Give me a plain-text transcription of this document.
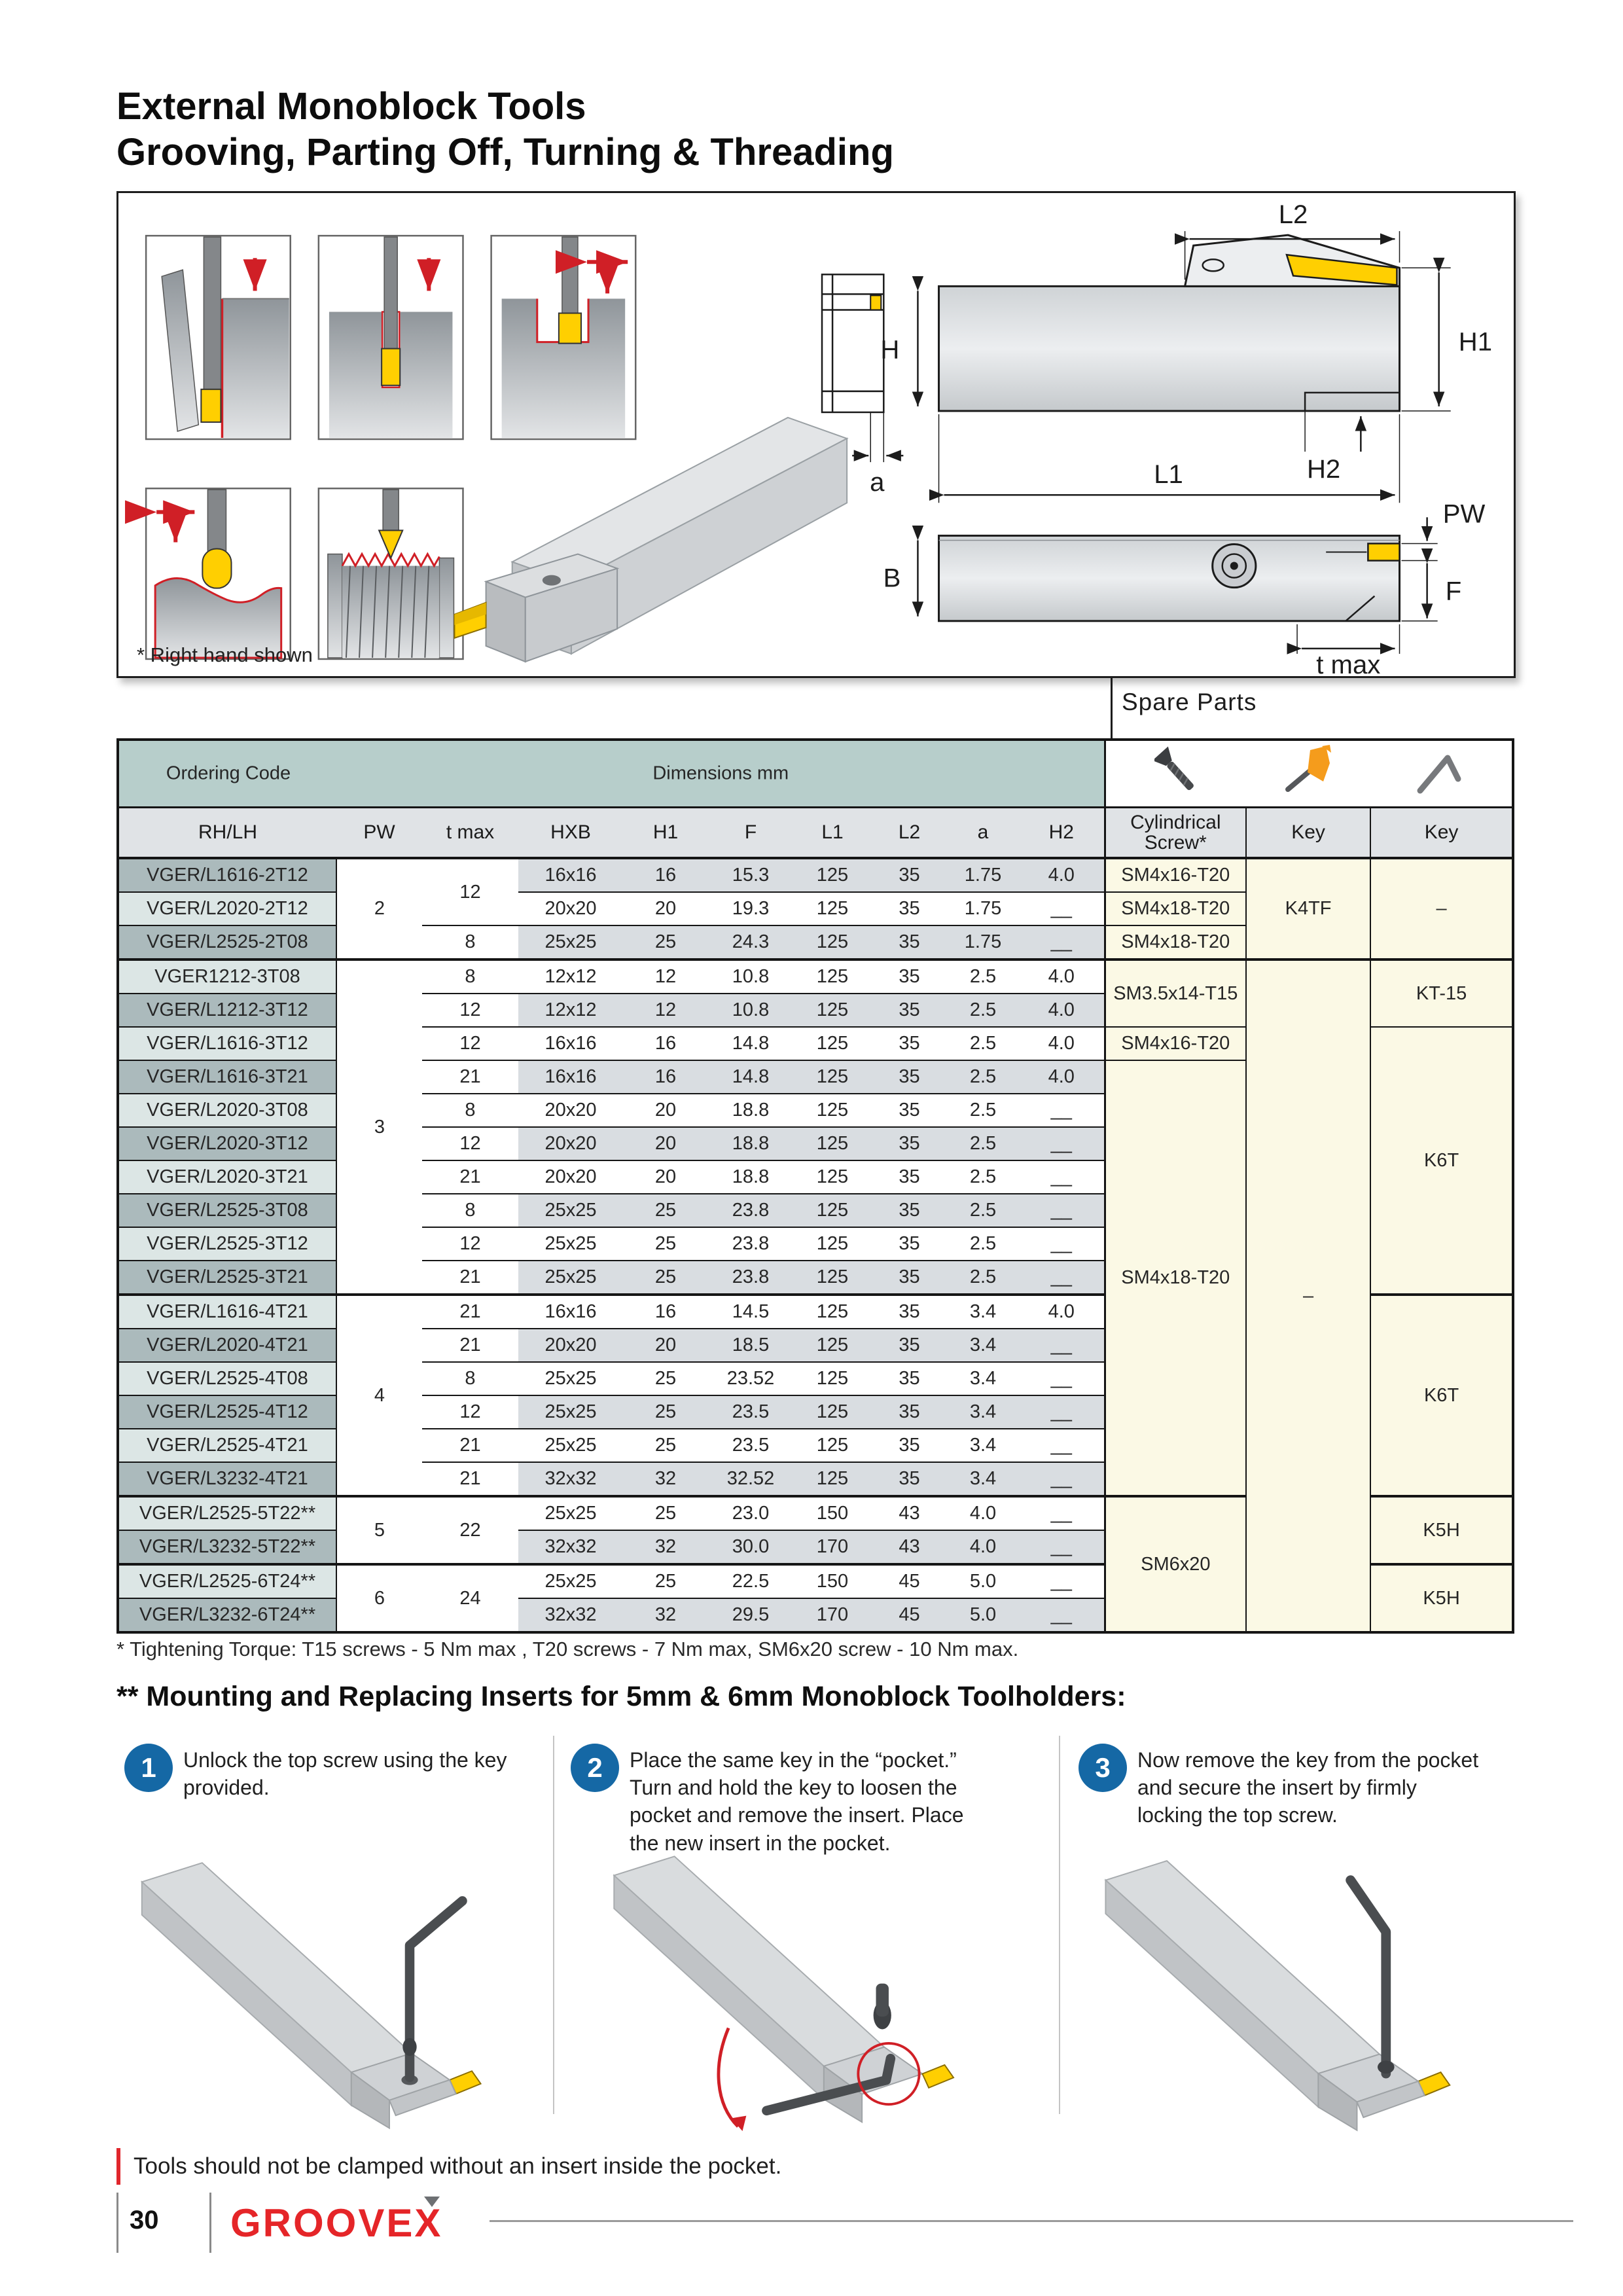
External Monoblock Tools
Grooving, Parting Off, Turning & Threading
a
L2
H	H1
H2
L1
PW
F
B
t max
* Right hand shown
Spare Parts
Ordering Code Dimensions mm

RH/LH	PW	t max	HXB	H1	F	L1	L2	a	H2	Cylindrical Screw*	Key	Key
VGER/L1616-2T12	2	12	16x16	16	15.3	125	35	1.75	4.0	SM4x16-T20	K4TF	–
VGER/L2020-2T12			20x20	20	19.3	125	35	1.75	__	SM4x18-T20		
VGER/L2525-2T08		8	25x25	25	24.3	125	35	1.75	__	SM4x18-T20		
VGER1212-3T08	3	8	12x12	12	10.8	125	35	2.5	4.0	SM3.5x14-T15	–	KT-15
VGER/L1212-3T12		12	12x12	12	10.8	125	35	2.5	4.0			
VGER/L1616-3T12		12	16x16	16	14.8	125	35	2.5	4.0	SM4x16-T20		K6T
VGER/L1616-3T21		21	16x16	16	14.8	125	35	2.5	4.0	SM4x18-T20		
VGER/L2020-3T08		8	20x20	20	18.8	125	35	2.5	__			
VGER/L2020-3T12		12	20x20	20	18.8	125	35	2.5	__			
VGER/L2020-3T21		21	20x20	20	18.8	125	35	2.5	__			
VGER/L2525-3T08		8	25x25	25	23.8	125	35	2.5	__			
VGER/L2525-3T12		12	25x25	25	23.8	125	35	2.5	__			
VGER/L2525-3T21		21	25x25	25	23.8	125	35	2.5	__			
VGER/L1616-4T21	4	21	16x16	16	14.5	125	35	3.4	4.0			K6T
VGER/L2020-4T21		21	20x20	20	18.5	125	35	3.4	__			
VGER/L2525-4T08		8	25x25	25	23.52	125	35	3.4	__			
VGER/L2525-4T12		12	25x25	25	23.5	125	35	3.4	__			
VGER/L2525-4T21		21	25x25	25	23.5	125	35	3.4	__			
VGER/L3232-4T21		21	32x32	32	32.52	125	35	3.4	__			
VGER/L2525-5T22**	5	22	25x25	25	23.0	150	43	4.0	__	SM6x20		K5H
VGER/L3232-5T22**			32x32	32	30.0	170	43	4.0	__			
VGER/L2525-6T24**	6	24	25x25	25	22.5	150	45	5.0	__			K5H
VGER/L3232-6T24**			32x32	32	29.5	170	45	5.0	__			
* Tightening Torque: T15 screws - 5 Nm max , T20 screws - 7 Nm max, SM6x20 screw - 10 Nm max.
** Mounting and Replacing Inserts for 5mm & 6mm Monoblock Toolholders:
1 Unlock the top screw using the key provided.
2 Place the same key in the “pocket.” Turn and hold the key to loosen the pocket and remove the insert. Place the new insert in the pocket.
3 Now remove the key from the pocket and secure the insert by firmly locking the top screw.
Tools should not be clamped without an insert inside the pocket.
30 GROOVEX
